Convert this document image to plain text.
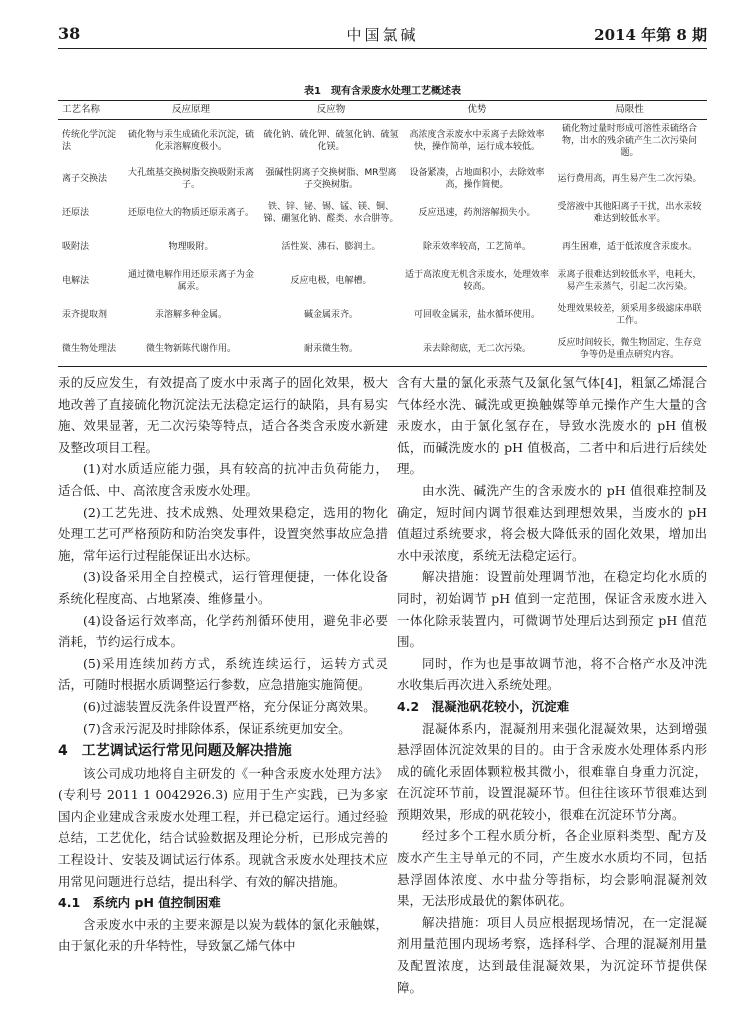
38	中国氯碱	2014 年第 8 期
表1　现有含汞废水处理工艺概述表
工艺名称	反应原理	反应物	优势	局限性
传统化学沉淀法	硫化物与汞生成硫化汞沉淀，硫化汞溶解度极小。	硫化钠、硫化钾、硫氢化钠、硫氢化镁。	高浓度含汞废水中汞离子去除效率快，操作简单，运行成本较低。	硫化物过量时形成可溶性汞硫络合物，出水的残余硫产生二次污染问题。
离子交换法	大孔巯基交换树脂交换吸附汞离子。	强碱性阴离子交换树脂、MR型离子交换树脂。	设备紧凑，占地面积小，去除效率高，操作简便。	运行费用高，再生易产生二次污染。
还原法	还原电位大的物质还原汞离子。	铁、锌、铋、锡、锰、镁、铜、锑、硼氢化钠、醛类、水合肼等。	反应迅速，药剂溶解损失小。	受溶液中其他阳离子干扰，出水汞较难达到较低水平。
吸附法	物理吸附。	活性炭、沸石、膨润土。	除汞效率较高，工艺简单。	再生困难，适于低浓度含汞废水。
电解法	通过微电解作用还原汞离子为金属汞。	反应电极，电解槽。	适于高浓度无机含汞废水，处理效率较高。	汞离子很难达到较低水平，电耗大，易产生汞蒸气，引起二次污染。
汞齐提取剂	汞溶解多种金属。	碱金属汞齐。	可回收金属汞，盐水循环使用。	处理效果较差，须采用多级滤床串联工作。
微生物处理法	微生物新陈代谢作用。	耐汞微生物。	汞去除彻底，无二次污染。	反应时间较长，微生物固定、生存竞争等仍是重点研究内容。

汞的反应发生，有效提高了废水中汞离子的固化效果，极大地改善了直接硫化物沉淀法无法稳定运行的缺陷，具有易实施、效果显著，无二次污染等特点，适合各类含汞废水新建及整改项目工程。

(1)对水质适应能力强，具有较高的抗冲击负荷能力，适合低、中、高浓度含汞废水处理。

(2)工艺先进、技术成熟、处理效果稳定，选用的物化处理工艺可严格预防和防治突发事件，设置突然事故应急措施，常年运行过程能保证出水达标。

(3)设备采用全自控模式，运行管理便捷，一体化设备系统化程度高、占地紧凑、维修量小。

(4)设备运行效率高，化学药剂循环使用，避免非必要消耗，节约运行成本。

(5)采用连续加药方式，系统连续运行，运转方式灵活，可随时根据水质调整运行参数，应急措施实施简便。

(6)过滤装置反洗条件设置严格，充分保证分离效果。

(7)含汞污泥及时排除体系，保证系统更加安全。

4　工艺调试运行常见问题及解决措施

该公司成功地将自主研发的《一种含汞废水处理方法》(专利号 2011 1 0042926.3) 应用于生产实践，已为多家国内企业建成含汞废水处理工程，并已稳定运行。通过经验总结，工艺优化，结合试验数据及理论分析，已形成完善的工程设计、安装及调试运行体系。现就含汞废水处理技术应用常见问题进行总结，提出科学、有效的解决措施。

4.1　系统内 pH 值控制困难

含汞废水中汞的主要来源是以炭为载体的氯化汞触媒，由于氯化汞的升华特性，导致氯乙烯气体中

含有大量的氯化汞蒸气及氯化氢气体[4]，粗氯乙烯混合气体经水洗、碱洗或更换触媒等单元操作产生大量的含汞废水，由于氯化氢存在，导致水洗废水的 pH 值极低，而碱洗废水的 pH 值极高，二者中和后进行后续处理。

由水洗、碱洗产生的含汞废水的 pH 值很难控制及确定，短时间内调节很难达到理想效果，当废水的 pH 值超过系统要求，将会极大降低汞的固化效果，增加出水中汞浓度，系统无法稳定运行。

解决措施：设置前处理调节池，在稳定均化水质的同时，初始调节 pH 值到一定范围，保证含汞废水进入一体化除汞装置内，可微调节处理后达到预定 pH 值范围。

同时，作为也是事故调节池，将不合格产水及冲洗水收集后再次进入系统处理。

4.2　混凝池矾花较小，沉淀难

混凝体系内，混凝剂用来强化混凝效果，达到增强悬浮固体沉淀效果的目的。由于含汞废水处理体系内形成的硫化汞固体颗粒极其微小，很难靠自身重力沉淀，在沉淀环节前，设置混凝环节。但往往该环节很难达到预期效果，形成的矾花较小，很难在沉淀环节分离。

经过多个工程水质分析，各企业原料类型、配方及废水产生主导单元的不同，产生废水水质均不同，包括悬浮固体浓度、水中盐分等指标，均会影响混凝剂效果，无法形成最优的絮体矾花。

解决措施：项目人员应根据现场情况，在一定混凝剂用量范围内现场考察，选择科学、合理的混凝剂用量及配置浓度，达到最佳混凝效果，为沉淀环节提供保障。
